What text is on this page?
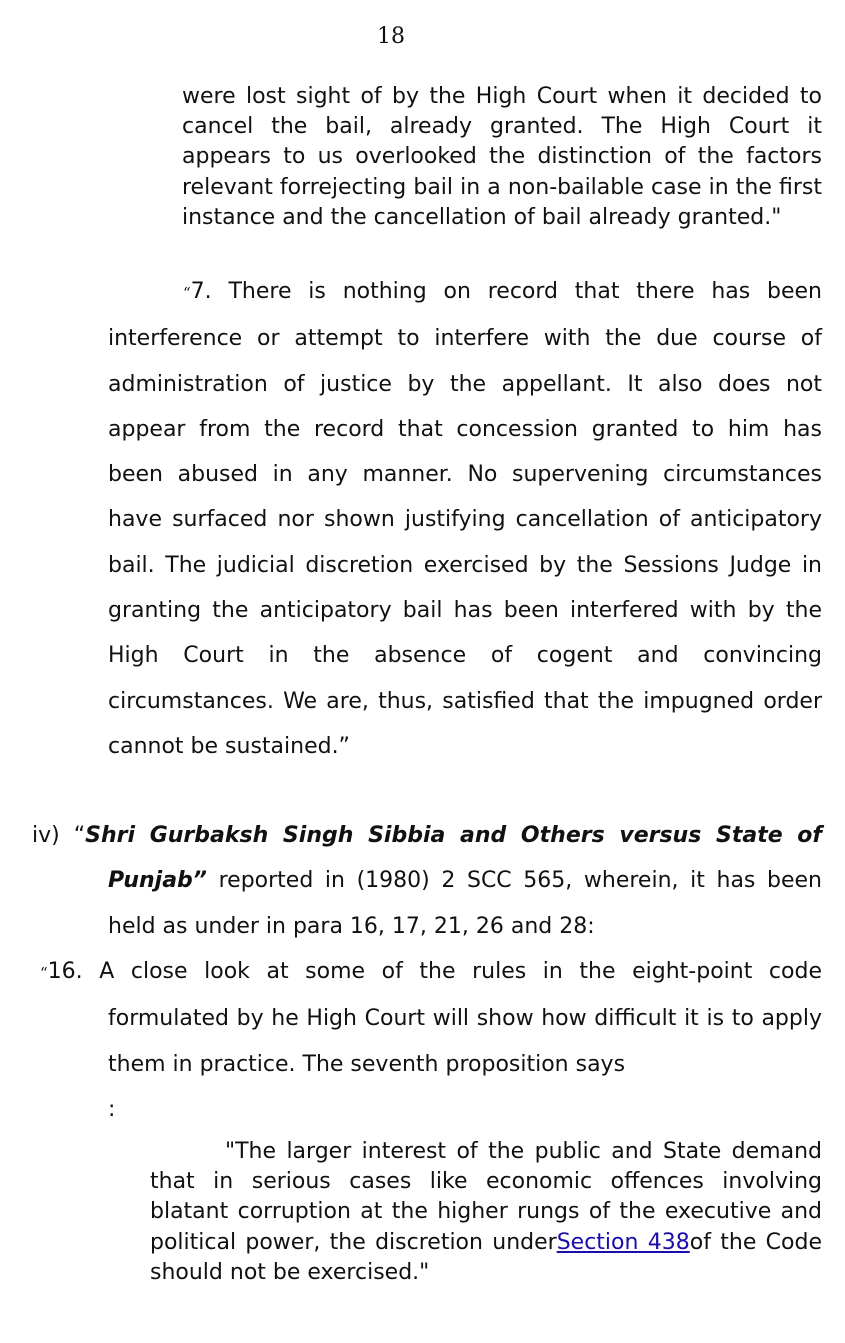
18
were lost sight of by the High Court when it decided to cancel the bail, already granted. The High Court it appears to us overlooked the distinction of the factors relevant forrejecting bail in a non-bailable case in the first instance and the cancellation of bail already granted."
“7. There is nothing on record that there has been interference or attempt to interfere with the due course of administration of justice by the appellant. It also does not appear from the record that concession granted to him has been abused in any manner. No supervening circumstances have surfaced nor shown justifying cancellation of anticipatory bail. The judicial discretion exercised by the Sessions Judge in granting the anticipatory bail has been interfered with by the High Court in the absence of cogent and convincing circumstances. We are, thus, satisfied that the impugned order cannot be sustained.”
iv) “Shri Gurbaksh Singh Sibbia and Others versus State of Punjab” reported in (1980) 2 SCC 565, wherein, it has been held as under in para 16, 17, 21, 26 and 28:
“16. A close look at some of the rules in the eight-point code formulated by he High Court will show how difficult it is to apply them in practice. The seventh proposition says
:
"The larger interest of the public and State demand that in serious cases like economic offences involving blatant corruption at the higher rungs of the executive and political power, the discretion underSection 438of the Code should not be exercised."
